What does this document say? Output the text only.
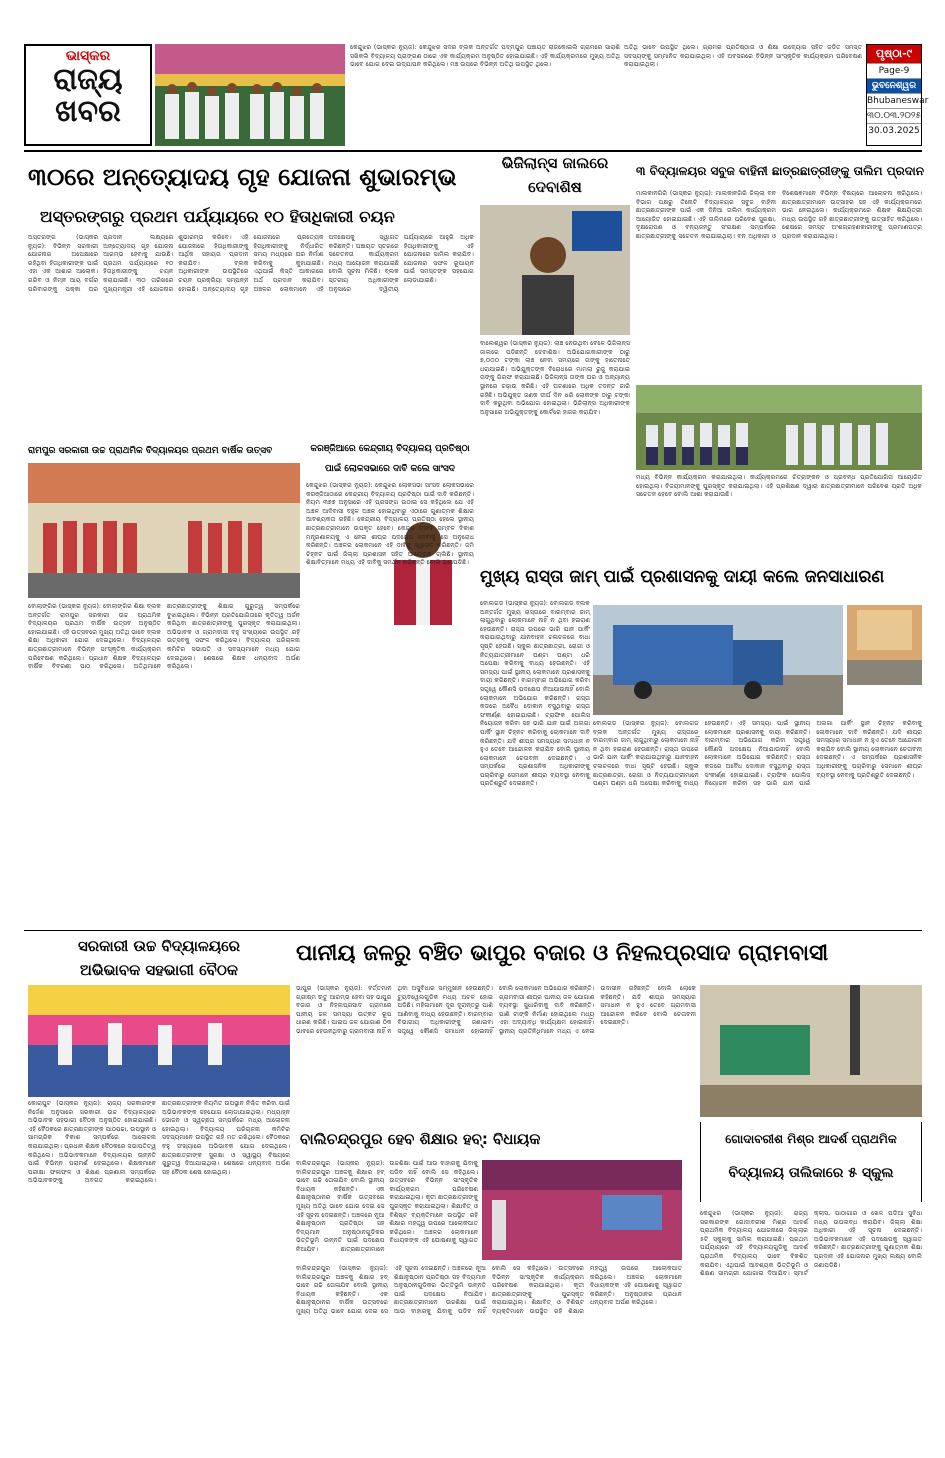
ଭାସ୍କର
ରାଜ୍ୟ ଖବର

କେନ୍ଦୁଝର (ଭାସ୍କର ନ୍ୟୁଜ): କେନ୍ଦୁଝର ସଦର ବ୍ଲକ ଅନ୍ତର୍ଗତ ପଦ୍ମପୁର ପଞ୍ଚାୟତ ରାଜକୋଇଲି ଗ୍ରାମରେ ସାରାଶି ସଖିକଲି ବିଦ୍ୟାଳୟ ପ୍ରାଙ୍ଗଣ ଠାରେ ଏକ କାର୍ଯ୍ୟକ୍ରମ ଅନୁଷ୍ଠିତ ହୋଇଯାଇଛି। ଏହି କାର୍ଯ୍ୟକ୍ରମରେ ମୁଖ୍ୟ ଅତିଥି ଭାବେ ଯୋଗ ଦେଇ ଉଦ୍‌ଯାପନ କରିଥିଲେ। ମଞ୍ଚ ଉପରେ ବିଭିନ୍ନ ଅତିଥି ଉପସ୍ଥିତ ଥିଲେ।

ଅତିଥି ଭାବେ ଉପସ୍ଥିତ ଥିଲେ। ଗ୍ରାମର ପ୍ରତିଷ୍ଠାତା ଓ ଶିକ୍ଷା ଉଦ୍ୟୋଗ ସହିତ ଜଡିତ ସମସ୍ତ ସଦସ୍ୟଙ୍କୁ ସମ୍ମାନିତ କରାଯାଇଥିଲା। ଏହି ଅବସରରେ ବିଭିନ୍ନ ସାଂସ୍କୃତିକ କାର୍ଯ୍ୟକ୍ରମ ପରିବେଷଣ କରାଯାଇଥିଲା।

ପୃଷ୍ଠା-୯
Page-9
ଭୁବନେଶ୍ୱର
Bhubaneswar
୩୦.୦୩.୨୦୨୫
30.03.2025
୩୦ରେ ଅନ୍ତ୍ୟୋଦୟ ଗୃହ ଯୋଜନା ଶୁଭାରମ୍ଭ
ଅସ୍ତରଙ୍ଗରୁ ପ୍ରଥମ ପର୍ଯ୍ୟାୟରେ ୧୦ ହିତାଧିକାରୀ ଚୟନ

ଅସ୍ତରଙ୍ଗ (ଭାସ୍କର ନ୍ୟୁଜ): ବିଭିନ୍ନ ସରକାରୀ ଯୋଜନାର ଅପେକ୍ଷାରେ ରହିଥିବା ହିତାଧିକାରୀଙ୍କ ପାଇଁ ଏହା ଏକ ଆଶାର ଆଲୋକ। ଗରିବ ଓ ନିମ୍ନ ଆୟ ବର୍ଗର ପରିବାରଙ୍କୁ ପକ୍କା ଘର ପ୍ରଦାନ ଲକ୍ଷ୍ୟରେ ଅନ୍ତ୍ୟୋଦୟ ଗୃହ ଯୋଜନା ଆରମ୍ଭ ହେବାକୁ ଯାଉଛି। ପ୍ରଥମ ପର୍ଯ୍ୟାୟରେ ୧୦ ହିତାଧିକାରୀଙ୍କୁ ଚୟନ କରାଯାଇଛି। ୩୦ ତାରିଖରେ ମୁଖ୍ୟମନ୍ତ୍ରୀ ଏହି ଯୋଜନାର ଶୁଭାରମ୍ଭ କରିବେ। ଏହି ଯୋଜନାରେ ହିତାଧିକାରୀଙ୍କୁ ଆର୍ଥିକ ସହାୟତା ପ୍ରଦାନ କରାଯିବ। ବ୍ଲକ ଅଧିକାରୀଙ୍କ ଉପସ୍ଥିତିରେ ଚୟନ ପ୍ରକ୍ରିୟା ସମ୍ପନ୍ନ ହୋଇଛି। ଅନ୍ତ୍ୟୋଦୟ ଗୃହ ଯୋଜନାରେ ପ୍ରତ୍ୟେକ ହିତାଧିକାରୀଙ୍କୁ ନିର୍ଦ୍ଧାରିତ ସମୟ ମଧ୍ୟରେ ଘର ନିର୍ମାଣ କରିବାକୁ କୁହାଯାଇଛି। ଏଥିପାଇଁ କିସ୍ତି ଆକାରରେ ଅର୍ଥ ପ୍ରଦାନ କରାଯିବ। ଅଞ୍ଚଳର ଲୋକମାନେ ଏହି ପଦକ୍ଷେପକୁ ସ୍ୱାଗତ କରିଛନ୍ତି। ପଞ୍ଚାୟତ ସ୍ତରରେ ସଚେତନତା କାର୍ଯ୍ୟକ୍ରମ ମଧ୍ୟ ଆୟୋଜନ କରାଯାଇଛି ବୋଲି ସୂଚନା ମିଳିଛି। ବ୍ଲକ ସ୍ତରୀୟ ଅଧିକାରୀଙ୍କ ଅନୁସାରେ ଦ୍ୱିତୀୟ ପର୍ଯ୍ୟାୟରେ ଆହୁରି ଅଧିକ ହିତାଧିକାରୀଙ୍କୁ ଏହି ଯୋଜନାରେ ସାମିଲ କରାଯିବ। ଯୋଜନାର ସଫଳ ରୂପାୟନ ପାଇଁ ସମସ୍ତଙ୍କ ସହଯୋଗ ଲୋଡାଯାଇଛି।

ଭିଜିଲାନ୍ସ ଜାଲରେ
ଦେବାଶିଷ

ବାଲେଶ୍ୱର (ଭାସ୍କର ନ୍ୟୁଜ): ଲାଞ୍ଚ ନେଉଥିବା ବେଳେ ଭିଜିଲାନ୍ସ ଜାଲରେ ପଡିଛନ୍ତି ଦେବାଶିଷ। ଅଭିଯୋଗକାରୀଙ୍କ ଠାରୁ ୭,୦୦୦ ଟଙ୍କା ଲାଞ୍ଚ ନେବା ସମୟରେ ତାଙ୍କୁ ହାତେନାତେ ଧରାଯାଇଛି। ଅଭିଯୁକ୍ତଙ୍କ ବିରୋଧରେ ମାମଲା ରୁଜୁ କରାଯାଇ ତାଙ୍କୁ ଗିରଫ କରାଯାଇଛି। ଭିଜିଲାନ୍ସ ତାଙ୍କ ଘର ଓ ଅନ୍ୟାନ୍ୟ ସ୍ଥାନରେ ଚଢାଉ କରିଛି। ଏହି ଘଟଣାରେ ଅଧିକ ତଦନ୍ତ ଜାରି ରହିଛି। ଅଭିଯୁକ୍ତ ଜଣକ ଦୀର୍ଘ ଦିନ ଧରି ଲୋକଙ୍କ ଠାରୁ ଟଙ୍କା ଦାବି କରୁଥିବା ଅଭିଯୋଗ ହୋଇଥିଲା। ଭିଜିଲାନ୍ସ ଅଧିକାରୀଙ୍କ ଅନୁସାରେ ଅଭିଯୁକ୍ତଙ୍କୁ କୋର୍ଟରେ ହାଜର କରାଯିବ।

୩ ବିଦ୍ୟାଳୟର ସବୁଜ ବାହିନୀ ଛାତ୍ରଛାତ୍ରୀଙ୍କୁ ତାଲିମ ପ୍ରଦାନ

ମାଲକାନଗିରି (ଭାସ୍କର ନ୍ୟୁଜ): ମାଲକାନଗିରି ଜିଲ୍ଲା ବନ ବିଭାଗ ପକ୍ଷରୁ ତିନୋଟି ବିଦ୍ୟାଳୟର ସବୁଜ ବାହିନୀ ଛାତ୍ରଛାତ୍ରୀଙ୍କ ପାଇଁ ଏକ ଦିନିଆ ତାଲିମ କାର୍ଯ୍ୟକ୍ରମ ଆୟୋଜିତ ହୋଇଯାଇଛି। ଏହି ତାଲିମରେ ପରିବେଶ ସୁରକ୍ଷା, ବୃକ୍ଷରୋପଣ ଓ ବନ୍ୟଜନ୍ତୁ ସଂରକ୍ଷଣ ସମ୍ପର୍କରେ ଛାତ୍ରଛାତ୍ରୀଙ୍କୁ ସଚେତନ କରାଯାଇଥିଲା। ବନ ଅଧିକାରୀ ଓ ବିଶେଷଜ୍ଞମାନେ ବିଭିନ୍ନ ବିଷୟରେ ଆଲୋଚନା କରିଥିଲେ। ଛାତ୍ରଛାତ୍ରୀମାନେ ଉତ୍ସାହର ସହ ଏହି କାର୍ଯ୍ୟକ୍ରମରେ ଭାଗ ନେଇଥିଲେ। କାର୍ଯ୍ୟକ୍ରମରେ ଶିକ୍ଷକ ଶିକ୍ଷୟିତ୍ରୀ ମଧ୍ୟ ଉପସ୍ଥିତ ରହି ଛାତ୍ରଛାତ୍ରୀଙ୍କୁ ଉତ୍ସାହିତ କରିଥିଲେ। ଶେଷରେ ସମସ୍ତ ଅଂଶଗ୍ରହଣକାରୀଙ୍କୁ ପ୍ରମାଣପତ୍ର ପ୍ରଦାନ କରାଯାଇଥିଲା।

ମଧ୍ୟ ବିଭିନ୍ନ କାର୍ଯ୍ୟକ୍ରମ କରାଯାଇଥିଲା। କାର୍ଯ୍ୟକ୍ରମରେ ଚିତ୍ରାଙ୍କନ ଓ ପ୍ରବନ୍ଧ ପ୍ରତିଯୋଗିତା ଆୟୋଜିତ ହୋଇଥିଲା। ବିଜୟୀମାନଙ୍କୁ ପୁରସ୍କୃତ କରାଯାଇଥିଲା। ଏହି ପ୍ରଶିକ୍ଷଣ ଦ୍ୱାରା ଛାତ୍ରଛାତ୍ରୀମାନେ ପରିବେଶ ପ୍ରତି ଅଧିକ ସଚେତନ ହେବେ ବୋଲି ଆଶା କରାଯାଉଛି।

ରାମପୁର ସରକାରୀ ଉଚ୍ଚ ପ୍ରାଥମିକ ବିଦ୍ୟାଳୟର ପ୍ରଥମ ବାର୍ଷିକ ଉତ୍ସବ

ବୋଲାଙ୍ଗିର (ଭାସ୍କର ନ୍ୟୁଜ): ବୋଲାଙ୍ଗିର ଶିକ୍ଷା ବ୍ଲକ ଅନ୍ତର୍ଗତ ରାମପୁର ସରକାରୀ ଉଚ୍ଚ ପ୍ରାଥମିକ ବିଦ୍ୟାଳୟର ପ୍ରଥମ ବାର୍ଷିକ ଉତ୍ସବ ଅନୁଷ୍ଠିତ ହୋଇଯାଇଛି। ଏହି ଉତ୍ସବରେ ମୁଖ୍ୟ ଅତିଥି ଭାବେ ବ୍ଲକ ଶିକ୍ଷା ଅଧିକାରୀ ଯୋଗ ଦେଇଥିଲେ। ବିଦ୍ୟାଳୟର ଛାତ୍ରଛାତ୍ରୀମାନେ ବିଭିନ୍ନ ସାଂସ୍କୃତିକ କାର୍ଯ୍ୟକ୍ରମ ପରିବେଷଣ କରିଥିଲେ। ପ୍ରଧାନ ଶିକ୍ଷକ ବିଦ୍ୟାଳୟର ବାର୍ଷିକ ବିବରଣୀ ପାଠ କରିଥିଲେ। ଅତିଥିମାନେ ଛାତ୍ରଛାତ୍ରୀଙ୍କୁ ଶିକ୍ଷାର ଗୁରୁତ୍ୱ ସମ୍ପର୍କରେ ବୁଝାଇଥିଲେ। ବିଭିନ୍ନ ପ୍ରତିଯୋଗିତାରେ କୃତିତ୍ୱ ଅର୍ଜନ କରିଥିବା ଛାତ୍ରଛାତ୍ରୀଙ୍କୁ ପୁରସ୍କୃତ କରାଯାଇଥିଲା। ଅଭିଭାବକ ଓ ଗ୍ରାମବାସୀ ବହୁ ସଂଖ୍ୟାରେ ଉପସ୍ଥିତ ରହି ଉତ୍ସବକୁ ସଫଳ କରିଥିଲେ। ବିଦ୍ୟାଳୟ ପରିଚାଳନା କମିଟିର ସଭାପତି ଓ ସଦସ୍ୟମାନେ ମଧ୍ୟ ଯୋଗ ଦେଇଥିଲେ। ଶେଷରେ ଶିକ୍ଷକ ଧନ୍ୟବାଦ ଅର୍ପଣ କରିଥିଲେ।

କରଞ୍ଜିଆରେ କେନ୍ଦ୍ରୀୟ ବିଦ୍ୟାଳୟ ପ୍ରତିଷ୍ଠା
ପାଇଁ ଲୋକସଭାରେ ଦାବି କଲେ ସାଂସଦ

କେନ୍ଦୁଝର (ଭାସ୍କର ନ୍ୟୁଜ): କେନ୍ଦୁଝର ଲୋକସଭା ସାଂସଦ ଲୋକସଭାରେ କରଞ୍ଜିଆଠାରେ କେନ୍ଦ୍ରୀୟ ବିଦ୍ୟାଳୟ ପ୍ରତିଷ୍ଠା ପାଇଁ ଦାବି କରିଛନ୍ତି। ନିୟମ ୩୭୭ ଅନୁସାରେ ଏହି ପ୍ରସଙ୍ଗ ଉଠାଇ ସେ କହିଥିଲେ ଯେ ଏହି ଅଞ୍ଚଳ ଆଦିବାସୀ ବହୁଳ ଅଞ୍ଚଳ ହୋଇଥିବାରୁ ଏଠାରେ ଗୁଣାତ୍ମକ ଶିକ୍ଷାର ଆବଶ୍ୟକତା ରହିଛି। କେନ୍ଦ୍ରୀୟ ବିଦ୍ୟାଳୟ ପ୍ରତିଷ୍ଠା ହେଲେ ସ୍ଥାନୀୟ ଛାତ୍ରଛାତ୍ରୀମାନେ ଉପକୃତ ହେବେ। କେନ୍ଦ୍ର ମାନବ ସମ୍ବଳ ବିକାଶ ମନ୍ତ୍ରଣାଳୟକୁ ଏ ନେଇ ଶୀଘ୍ର ପଦକ୍ଷେପ ନେବାକୁ ସେ ଅନୁରୋଧ କରିଛନ୍ତି। ଅଞ୍ଚଳର ଲୋକମାନେ ଏହି ଦାବିକୁ ସ୍ୱାଗତ କରିଛନ୍ତି। ଜମି ଚିହ୍ନଟ ପାଇଁ ଜିଲ୍ଲା ପ୍ରଶାସନ ସହିତ ଆଲୋଚନା ଚାଲିଛି। ସ୍ଥାନୀୟ ଶିକ୍ଷାବିତ୍‌ମାନେ ମଧ୍ୟ ଏହି ଦାବିକୁ ସମର୍ଥନ କରିଛନ୍ତି ବୋଲି ଜଣାପଡିଛି।

ମୁଖ୍ୟ ରାସ୍ତା ଜାମ୍ ପାଇଁ ପ୍ରଶାସନକୁ ଦାୟୀ କଲେ ଜନସାଧାରଣ

ବୋଲଗଡ (ଭାସ୍କର ନ୍ୟୁଜ): ବୋଲଗଡ ବ୍ଲକ ଅନ୍ତର୍ଗତ ମୁଖ୍ୟ ରାସ୍ତାରେ ବାରମ୍ବାର ଜାମ୍ ଲାଗୁଥିବାରୁ ଲୋକମାନେ ନାହିଁ ନ ଥିବା ହଇରାଣ ହେଉଛନ୍ତି। ରାସ୍ତା ଉପରେ ଭାରି ଯାନ ପାର୍କିଂ କରାଯାଉଥିବାରୁ ଯାନବାହନ ଚଳାଚଳରେ ବାଧା ସୃଷ୍ଟି ହେଉଛି। ସ୍କୁଲ ଛାତ୍ରଛାତ୍ରୀ, ରୋଗୀ ଓ ନିତ୍ୟଯାତ୍ରୀମାନେ ଘଣ୍ଟା ଘଣ୍ଟା ଧରି ଅପେକ୍ଷା କରିବାକୁ ବାଧ୍ୟ ହେଉଛନ୍ତି। ଏହି ସମସ୍ୟା ପାଇଁ ସ୍ଥାନୀୟ ଲୋକମାନେ ପ୍ରଶାସନକୁ ଦାୟୀ କରିଛନ୍ତି। ବାରମ୍ବାର ଅଭିଯୋଗ କରିବା ସତ୍ତ୍ୱେ କୌଣସି ପଦକ୍ଷେପ ନିଆଯାଉନାହିଁ ବୋଲି ଲୋକମାନେ ଅଭିଯୋଗ କରିଛନ୍ତି। ରାସ୍ତା କଡରେ ଅବୈଧ ଦୋକାନ ବସୁଥିବାରୁ ରାସ୍ତା ସଂକୀର୍ଣ୍ଣ ହୋଇଯାଇଛି। ଟ୍ରାଫିକ ପୋଲିସ ନିୟୋଜନ କରିବା ସହ ଭାରି ଯାନ ପାଇଁ ଅଲଗା ପାର୍କିଂ ସ୍ଥାନ ଚିହ୍ନଟ କରିବାକୁ ଲୋକମାନେ ଦାବି କରିଛନ୍ତି। ଯଦି ଶୀଘ୍ର ସମସ୍ୟାର ସମାଧାନ ନ ହୁଏ ତେବେ ଆନ୍ଦୋଳନ କରାଯିବ ବୋଲି ସ୍ଥାନୀୟ ଲୋକମାନେ ଚେତାବନୀ ଦେଇଛନ୍ତି। ଏ ସମ୍ପର୍କରେ ପ୍ରଶାସନିକ ଅଧିକାରୀଙ୍କୁ ପଚାରିବାରୁ ସେମାନେ ଶୀଘ୍ର ବ୍ୟବସ୍ଥା ନେବାକୁ ପ୍ରତିଶ୍ରୁତି ଦେଇଛନ୍ତି।

ବୋଲଗଡ (ଭାସ୍କର ନ୍ୟୁଜ): ବୋଲଗଡ ବ୍ଲକ ଅନ୍ତର୍ଗତ ମୁଖ୍ୟ ରାସ୍ତାରେ ବାରମ୍ବାର ଜାମ୍ ଲାଗୁଥିବାରୁ ଲୋକମାନେ ନାହିଁ ନ ଥିବା ହଇରାଣ ହେଉଛନ୍ତି। ରାସ୍ତା ଉପରେ ଭାରି ଯାନ ପାର୍କିଂ କରାଯାଉଥିବାରୁ ଯାନବାହନ ଚଳାଚଳରେ ବାଧା ସୃଷ୍ଟି ହେଉଛି। ସ୍କୁଲ ଛାତ୍ରଛାତ୍ରୀ, ରୋଗୀ ଓ ନିତ୍ୟଯାତ୍ରୀମାନେ ଘଣ୍ଟା ଘଣ୍ଟା ଧରି ଅପେକ୍ଷା କରିବାକୁ ବାଧ୍ୟ ହେଉଛନ୍ତି। ଏହି ସମସ୍ୟା ପାଇଁ ସ୍ଥାନୀୟ ଲୋକମାନେ ପ୍ରଶାସନକୁ ଦାୟୀ କରିଛନ୍ତି। ବାରମ୍ବାର ଅଭିଯୋଗ କରିବା ସତ୍ତ୍ୱେ କୌଣସି ପଦକ୍ଷେପ ନିଆଯାଉନାହିଁ ବୋଲି ଲୋକମାନେ ଅଭିଯୋଗ କରିଛନ୍ତି। ରାସ୍ତା କଡରେ ଅବୈଧ ଦୋକାନ ବସୁଥିବାରୁ ରାସ୍ତା ସଂକୀର୍ଣ୍ଣ ହୋଇଯାଇଛି। ଟ୍ରାଫିକ ପୋଲିସ ନିୟୋଜନ କରିବା ସହ ଭାରି ଯାନ ପାଇଁ ଅଲଗା ପାର୍କିଂ ସ୍ଥାନ ଚିହ୍ନଟ କରିବାକୁ ଲୋକମାନେ ଦାବି କରିଛନ୍ତି। ଯଦି ଶୀଘ୍ର ସମସ୍ୟାର ସମାଧାନ ନ ହୁଏ ତେବେ ଆନ୍ଦୋଳନ କରାଯିବ ବୋଲି ସ୍ଥାନୀୟ ଲୋକମାନେ ଚେତାବନୀ ଦେଇଛନ୍ତି। ଏ ସମ୍ପର୍କରେ ପ୍ରଶାସନିକ ଅଧିକାରୀଙ୍କୁ ପଚାରିବାରୁ ସେମାନେ ଶୀଘ୍ର ବ୍ୟବସ୍ଥା ନେବାକୁ ପ୍ରତିଶ୍ରୁତି ଦେଇଛନ୍ତି।

ସରକାରୀ ଉଚ୍ଚ ବିଦ୍ୟାଳୟରେ
ଅଭିଭାବକ ସହଭାଗୀ ବୈଠକ

କୋରାପୁଟ (ଭାସ୍କର ନ୍ୟୁଜ): ରାଜ୍ୟ ସରକାରଙ୍କ ନିର୍ଦ୍ଦେଶ ଅନୁସାରେ ସରକାରୀ ଉଚ୍ଚ ବିଦ୍ୟାଳୟରେ ଅଭିଭାବକ ସହଭାଗୀ ବୈଠକ ଅନୁଷ୍ଠିତ ହୋଇଯାଇଛି। ଏହି ବୈଠକରେ ଛାତ୍ରଛାତ୍ରୀଙ୍କ ପାଠପଢା, ଉପସ୍ଥାନ ଓ ସାମଗ୍ରିକ ବିକାଶ ସମ୍ପର୍କରେ ଆଲୋଚନା କରାଯାଇଥିଲା। ପ୍ରଧାନ ଶିକ୍ଷକ ବୈଠକରେ ସଭାପତିତ୍ୱ କରିଥିଲେ। ଅଭିଭାବକମାନେ ବିଦ୍ୟାଳୟର ଉନ୍ନତି ପାଇଁ ବିଭିନ୍ନ ପରାମର୍ଶ ଦେଇଥିଲେ। ଶିକ୍ଷକମାନେ ପରୀକ୍ଷା ଫଳାଫଳ ଓ ଶିକ୍ଷଣ ପ୍ରଣାଳୀ ସମ୍ପର୍କରେ ଅଭିଭାବକଙ୍କୁ ଅବଗତ କରାଇଥିଲେ। ଛାତ୍ରଛାତ୍ରୀଙ୍କ ନିୟମିତ ଉପସ୍ଥାନ ନିଶ୍ଚିତ କରିବା ପାଇଁ ଅଭିଭାବକଙ୍କ ସହଯୋଗ ଲୋଡାଯାଇଥିଲା। ମଧ୍ୟାହ୍ନ ଭୋଜନ ଓ ସ୍ୱଚ୍ଛତା ସମ୍ପର୍କରେ ମଧ୍ୟ ଆଲୋଚନା ହୋଇଥିଲା। ବିଦ୍ୟାଳୟ ପରିଚାଳନା କମିଟିର ସଦସ୍ୟମାନେ ଉପସ୍ଥିତ ରହି ମତ ରଖିଥିଲେ। ବୈଠକରେ ବହୁ ସଂଖ୍ୟାରେ ଅଭିଭାବକ ଯୋଗ ଦେଇଥିଲେ। ଛାତ୍ରଛାତ୍ରୀଙ୍କ ସୁରକ୍ଷା ଓ ସ୍ୱାସ୍ଥ୍ୟ ବିଷୟରେ ଗୁରୁତ୍ୱ ଦିଆଯାଇଥିଲା। ଶେଷରେ ଧନ୍ୟବାଦ ଅର୍ପଣ ସହ ବୈଠକ ଶେଷ ହୋଇଥିଲା।

ପାନୀୟ ଜଳରୁ ବଞ୍ଚିତ ଭାପୁର ବଜାର ଓ ନିହଲପ୍ରସାଦ ଗ୍ରାମବାସୀ

ଭାପୁର (ଭାସ୍କର ନ୍ୟୁଜ): ବର୍ତ୍ତମାନ ଗ୍ରୀଷ୍ମ ଋତୁ ଆରମ୍ଭ ହେବା ସହ ଭାପୁର ବଜାର ଓ ନିହଲପ୍ରସାଦ ଗ୍ରାମରେ ପାନୀୟ ଜଳ ସମସ୍ୟା ଉତ୍କଟ ରୂପ ଧାରଣ କରିଛି। ପାଇପ ଜଳ ଯୋଗାଣ ଠିକ ଭାବରେ ହେଉନଥିବାରୁ ଗ୍ରାମବାସୀ ନାହିଁ ନ ଥିବା ଅସୁବିଧାର ସମ୍ମୁଖୀନ ହେଉଛନ୍ତି। ଟ୍ୟୁବୱେଲଗୁଡିକ ମଧ୍ୟ ଅଚଳ ହୋଇ ପଡିଛି। ମହିଳାମାନେ ଦୂର ଦୂରାନ୍ତରୁ ପାଣି ଆଣିବାକୁ ବାଧ୍ୟ ହେଉଛନ୍ତି। ବାରମ୍ବାର ବିଭାଗୀୟ ଅଧିକାରୀଙ୍କୁ ଜଣାଇବା ସତ୍ତ୍ୱେ କୌଣସି ସମାଧାନ ହୋଇନାହିଁ ବୋଲି ଲୋକମାନେ ଅଭିଯୋଗ କରିଛନ୍ତି। ଗ୍ରାମବାସୀ ଶୀଘ୍ର ପାନୀୟ ଜଳ ଯୋଗାଣ ବ୍ୟବସ୍ଥା ସୁଧାରିବାକୁ ଦାବି କରିଛନ୍ତି। ପାଣି ଟାଙ୍କି ନିର୍ମାଣ ହୋଇଥିଲେ ମଧ୍ୟ ଏହା ଅଦ୍ୟାବଧି କାର୍ଯ୍ୟକ୍ଷମ ହୋଇନାହିଁ। ସ୍ଥାନୀୟ ପ୍ରତିନିଧିମାନେ ମଧ୍ୟ ଏ ନେଇ ଉଦାସୀନ ରହିଛନ୍ତି ବୋଲି ଲୋକେ କହିଛନ୍ତି। ଯଦି ଶୀଘ୍ର ସମସ୍ୟାର ସମାଧାନ ନ ହୁଏ ତେବେ ଗ୍ରାମବାସୀ ଆନ୍ଦୋଳନ କରିବେ ବୋଲି ଚେତାବନୀ ଦେଇଛନ୍ତି।

ବାଲିଚନ୍ଦ୍ରପୁର ହେବ ଶିକ୍ଷାର ହବ୍: ବିଧାୟକ

ବାଲିଚନ୍ଦ୍ରପୁର (ଭାସ୍କର ନ୍ୟୁଜ): ବାଲିଚନ୍ଦ୍ରପୁର ଅଞ୍ଚଳକୁ ଶିକ୍ଷାର ହବ୍ ଭାବେ ଗଢି ତୋଳାଯିବ ବୋଲି ସ୍ଥାନୀୟ ବିଧାୟକ କହିଛନ୍ତି। ଏକ ଶିକ୍ଷାନୁଷ୍ଠାନର ବାର୍ଷିକ ଉତ୍ସବରେ ମୁଖ୍ୟ ଅତିଥି ଭାବେ ଯୋଗ ଦେଇ ସେ ଏହି ସୂଚନା ଦେଇଛନ୍ତି। ଅଞ୍ଚଳରେ ନୂଆ ଶିକ୍ଷାନୁଷ୍ଠାନ ପ୍ରତିଷ୍ଠା ସହ ବିଦ୍ୟମାନ ଅନୁଷ୍ଠାନଗୁଡିକର ଭିତ୍ତିଭୂମି ଉନ୍ନତି ପାଇଁ ପଦକ୍ଷେପ ନିଆଯିବ। ଛାତ୍ରଛାତ୍ରୀମାନେ ଉଚ୍ଚଶିକ୍ଷା ପାଇଁ ଆଉ ବାହାରକୁ ଯିବାକୁ ପଡିବ ନାହିଁ ବୋଲି ସେ କହିଥିଲେ। ଉତ୍ସବରେ ବିଭିନ୍ନ ସାଂସ୍କୃତିକ କାର୍ଯ୍ୟକ୍ରମ ପରିବେଷଣ କରାଯାଇଥିଲା। କୃତୀ ଛାତ୍ରଛାତ୍ରୀଙ୍କୁ ପୁରସ୍କୃତ କରାଯାଇଥିଲା। ଶିକ୍ଷାବିତ୍ ଓ ବିଶିଷ୍ଟ ବ୍ୟକ୍ତିମାନେ ଉପସ୍ଥିତ ରହି ଶିକ୍ଷାର ମହତ୍ତ୍ୱ ଉପରେ ଆଲୋକପାତ କରିଥିଲେ। ଅଞ୍ଚଳର ଲୋକମାନେ ବିଧାୟକଙ୍କ ଏହି ଘୋଷଣାକୁ ସ୍ୱାଗତ

ବାଲିଚନ୍ଦ୍ରପୁର (ଭାସ୍କର ନ୍ୟୁଜ): ବାଲିଚନ୍ଦ୍ରପୁର ଅଞ୍ଚଳକୁ ଶିକ୍ଷାର ହବ୍ ଭାବେ ଗଢି ତୋଳାଯିବ ବୋଲି ସ୍ଥାନୀୟ ବିଧାୟକ କହିଛନ୍ତି। ଏକ ଶିକ୍ଷାନୁଷ୍ଠାନର ବାର୍ଷିକ ଉତ୍ସବରେ ମୁଖ୍ୟ ଅତିଥି ଭାବେ ଯୋଗ ଦେଇ ସେ ଏହି ସୂଚନା ଦେଇଛନ୍ତି। ଅଞ୍ଚଳରେ ନୂଆ ଶିକ୍ଷାନୁଷ୍ଠାନ ପ୍ରତିଷ୍ଠା ସହ ବିଦ୍ୟମାନ ଅନୁଷ୍ଠାନଗୁଡିକର ଭିତ୍ତିଭୂମି ଉନ୍ନତି ପାଇଁ ପଦକ୍ଷେପ ନିଆଯିବ। ଛାତ୍ରଛାତ୍ରୀମାନେ ଉଚ୍ଚଶିକ୍ଷା ପାଇଁ ଆଉ ବାହାରକୁ ଯିବାକୁ ପଡିବ ନାହିଁ ବୋଲି ସେ କହିଥିଲେ। ଉତ୍ସବରେ ବିଭିନ୍ନ ସାଂସ୍କୃତିକ କାର୍ଯ୍ୟକ୍ରମ ପରିବେଷଣ କରାଯାଇଥିଲା। କୃତୀ ଛାତ୍ରଛାତ୍ରୀଙ୍କୁ ପୁରସ୍କୃତ କରାଯାଇଥିଲା। ଶିକ୍ଷାବିତ୍ ଓ ବିଶିଷ୍ଟ ବ୍ୟକ୍ତିମାନେ ଉପସ୍ଥିତ ରହି ଶିକ୍ଷାର ମହତ୍ତ୍ୱ ଉପରେ ଆଲୋକପାତ କରିଥିଲେ। ଅଞ୍ଚଳର ଲୋକମାନେ ବିଧାୟକଙ୍କ ଏହି ଘୋଷଣାକୁ ସ୍ୱାଗତ କରିଛନ୍ତି। ଅନୁଷ୍ଠାନର ପ୍ରଧାନ ଧନ୍ୟବାଦ ଅର୍ପଣ କରିଥିଲେ।

ଗୋଦାବରୀଶ ମିଶ୍ର ଆଦର୍ଶ ପ୍ରାଥମିକ
ବିଦ୍ୟାଳୟ ତାଲିକାରେ ୫ ସ୍କୁଲ

କେନ୍ଦୁଝର (ଭାସ୍କର ନ୍ୟୁଜ): ରାଜ୍ୟ ସରକାରଙ୍କ ଗୋଦାବରୀଶ ମିଶ୍ର ଆଦର୍ଶ ପ୍ରାଥମିକ ବିଦ୍ୟାଳୟ ଯୋଜନାରେ ଜିଲ୍ଲାର ୫ଟି ସ୍କୁଲକୁ ସାମିଲ କରାଯାଇଛି। ପ୍ରଥମ ପର୍ଯ୍ୟାୟରେ ଏହି ବିଦ୍ୟାଳୟଗୁଡିକୁ ଆଦର୍ଶ ପ୍ରାଥମିକ ବିଦ୍ୟାଳୟ ଭାବେ ବିକଶିତ କରାଯିବ। ଏଥିପାଇଁ ଆବଶ୍ୟକ ଭିତ୍ତିଭୂମି ଓ ଶିକ୍ଷଣ ସାମଗ୍ରୀ ଯୋଗାଇ ଦିଆଯିବ। ସ୍ମାର୍ଟ କ୍ଲାସ, ପାଠାଗାର ଓ ଖେଳ ପଡିଆ ସୁବିଧା ମଧ୍ୟ ଉପଲବ୍ଧ କରାଯିବ। ଜିଲ୍ଲା ଶିକ୍ଷା ଅଧିକାରୀ ଏହି ସୂଚନା ଦେଇଛନ୍ତି। ଅଭିଭାବକମାନେ ଏହି ପଦକ୍ଷେପକୁ ସ୍ୱାଗତ କରିଛନ୍ତି। ଛାତ୍ରଛାତ୍ରୀଙ୍କୁ ଗୁଣାତ୍ମକ ଶିକ୍ଷା ପ୍ରଦାନ ଏହି ଯୋଜନାର ମୁଖ୍ୟ ଲକ୍ଷ୍ୟ ବୋଲି ଜଣାପଡିଛି।
